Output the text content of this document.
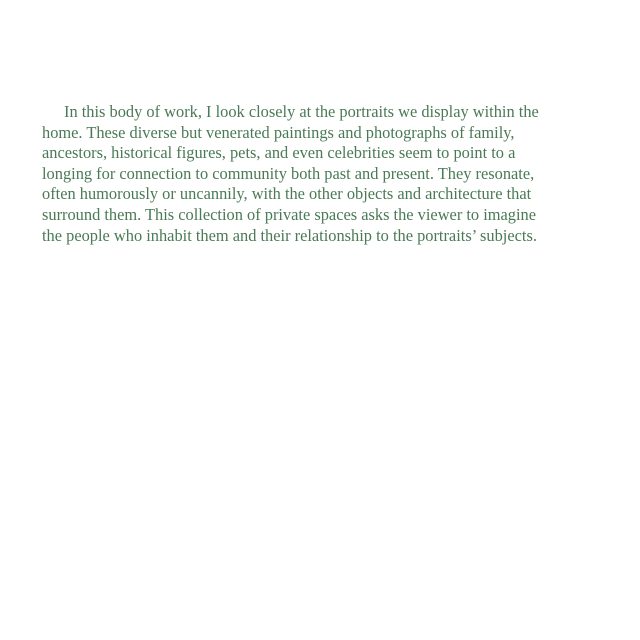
In this body of work, I look closely at the portraits we display within the
home. These diverse but venerated paintings and photographs of family,
ancestors, historical figures, pets, and even celebrities seem to point to a
longing for connection to community both past and present. They resonate,
often humorously or uncannily, with the other objects and architecture that
surround them. This collection of private spaces asks the viewer to imagine
the people who inhabit them and their relationship to the portraits’ subjects.
